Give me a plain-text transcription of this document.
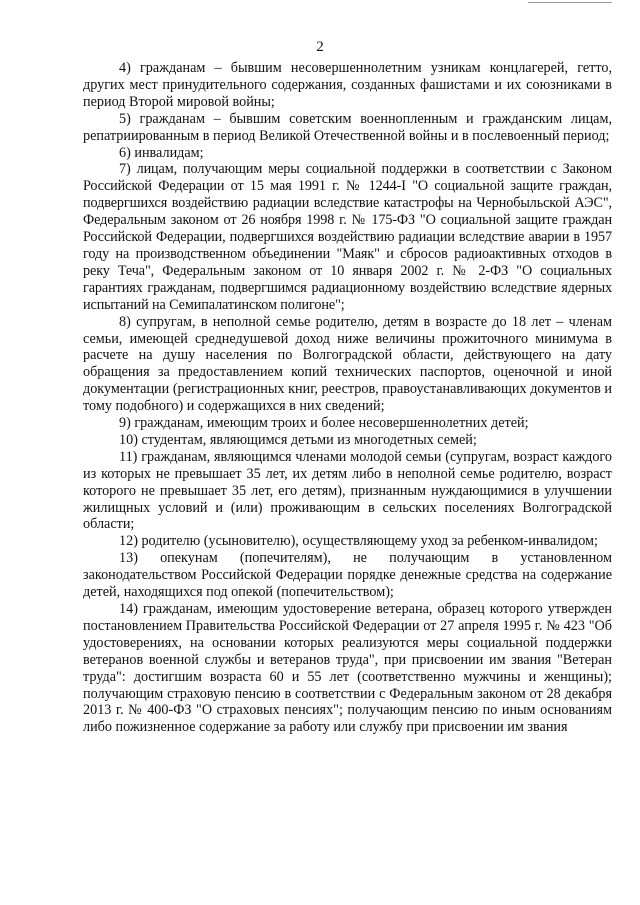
2

4) гражданам – бывшим несовершеннолетним узникам концлагерей, гетто, других мест принудительного содержания, созданных фашистами и их союзниками в период Второй мировой войны;

5) гражданам – бывшим советским военнопленным и гражданским лицам, репатриированным в период Великой Отечественной войны и в послевоенный период;

6) инвалидам;

7) лицам, получающим меры социальной поддержки в соответствии с Законом Российской Федерации от 15 мая 1991 г. № 1244-I "О социальной защите граждан, подвергшихся воздействию радиации вследствие катастрофы на Чернобыльской АЭС", Федеральным законом от 26 ноября 1998 г. № 175-ФЗ "О социальной защите граждан Российской Федерации, подвергшихся воздействию радиации вследствие аварии в 1957 году на производственном объединении "Маяк" и сбросов радиоактивных отходов в реку Теча", Федеральным законом от 10 января 2002 г. № 2-ФЗ "О социальных гарантиях гражданам, подвергшимся радиационному воздействию вследствие ядерных испытаний на Семипалатинском полигоне";

8) супругам, в неполной семье родителю, детям в возрасте до 18 лет – членам семьи, имеющей среднедушевой доход ниже величины прожиточного минимума в расчете на душу населения по Волгоградской области, действующего на дату обращения за предоставлением копий технических паспортов, оценочной и иной документации (регистрационных книг, реестров, правоустанавливающих документов и тому подобного) и содержащихся в них сведений;

9) гражданам, имеющим троих и более несовершеннолетних детей;

10) студентам, являющимся детьми из многодетных семей;

11) гражданам, являющимся членами молодой семьи (супругам, возраст каждого из которых не превышает 35 лет, их детям либо в неполной семье родителю, возраст которого не превышает 35 лет, его детям), признанным нуждающимися в улучшении жилищных условий и (или) проживающим в сельских поселениях Волгоградской области;

12) родителю (усыновителю), осуществляющему уход за ребенком-инвалидом;

13) опекунам (попечителям), не получающим в установленном законодательством Российской Федерации порядке денежные средства на содержание детей, находящихся под опекой (попечительством);

14) гражданам, имеющим удостоверение ветерана, образец которого утвержден постановлением Правительства Российской Федерации от 27 апреля 1995 г. № 423 "Об удостоверениях, на основании которых реализуются меры социальной поддержки ветеранов военной службы и ветеранов труда", при присвоении им звания "Ветеран труда": достигшим возраста 60 и 55 лет (соответственно мужчины и женщины); получающим страховую пенсию в соответствии с Федеральным законом от 28 декабря 2013 г. № 400-ФЗ "О страховых пенсиях"; получающим пенсию по иным основаниям либо пожизненное содержание за работу или службу при присвоении им звания
